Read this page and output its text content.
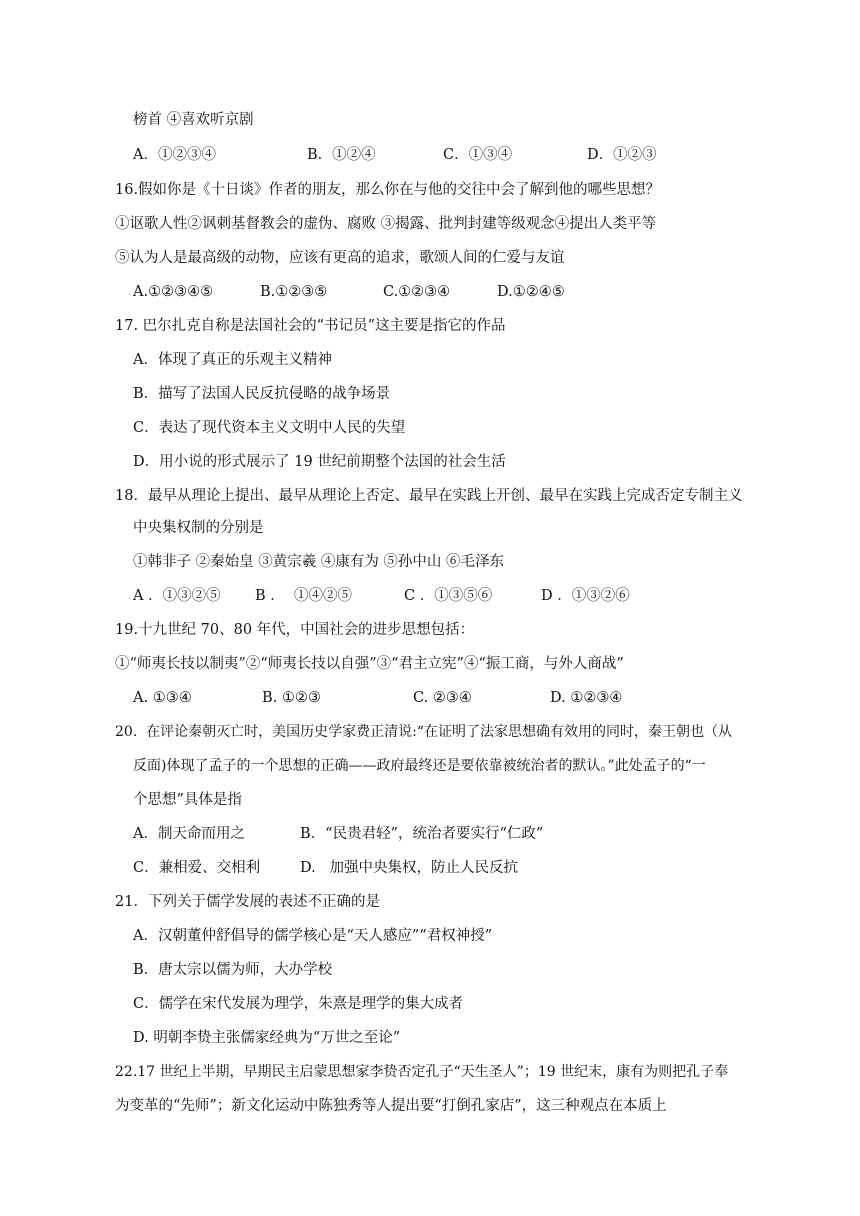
榜首 ④喜欢听京剧
A．①②③④	B．①②④	C．①③④	D．①②③
16.假如你是《十日谈》作者的朋友，那么你在与他的交往中会了解到他的哪些思想？
①讴歌人性②讽刺基督教会的虚伪、腐败 ③揭露、批判封建等级观念④提出人类平等
⑤认为人是最高级的动物，应该有更高的追求，歌颂人间的仁爱与友谊
A.①②③④⑤	B.①②③⑤	C.①②③④	D.①②④⑤
17. 巴尔扎克自称是法国社会的“书记员”这主要是指它的作品
A．体现了真正的乐观主义精神
B．描写了法国人民反抗侵略的战争场景
C．表达了现代资本主义文明中人民的失望
D．用小说的形式展示了 19 世纪前期整个法国的社会生活
18．最早从理论上提出、最早从理论上否定、最早在实践上开创、最早在实践上完成否定专制主义
中央集权制的分别是
①韩非子 ②秦始皇 ③黄宗羲 ④康有为 ⑤孙中山 ⑥毛泽东
A ．①③②⑤ B ．  ①④②⑤	C ．①③⑤⑥	D ．①③②⑥
19.十九世纪 70、80 年代，中国社会的进步思想包括：
①“师夷长技以制夷”②“师夷长技以自强”③“君主立宪”④“振工商，与外人商战”
A. ①③④	B. ①②③	C. ②③④	D. ①②③④
20.  在评论秦朝灭亡时，美国历史学家费正清说:“在证明了法家思想确有效用的同时，秦王朝也（从
反面)体现了孟子的一个思想的正确——政府最终还是要依靠被统治者的默认。”此处孟子的“一
个思想”具体是指
A．制天命而用之	B．“民贵君轻”，统治者要实行“仁政”
C．兼相爱、交相利	D.   加强中央集权，防止人民反抗
21．下列关于儒学发展的表述不正确的是
A．汉朝董仲舒倡导的儒学核心是“天人感应”“君权神授”
B．唐太宗以儒为师，大办学校
C．儒学在宋代发展为理学，朱熹是理学的集大成者
D. 明朝李贽主张儒家经典为“万世之至论”
22.17 世纪上半期，早期民主启蒙思想家李贽否定孔子“天生圣人”；19 世纪末，康有为则把孔子奉
为变革的“先师”；新文化运动中陈独秀等人提出要“打倒孔家店”，这三种观点在本质上
